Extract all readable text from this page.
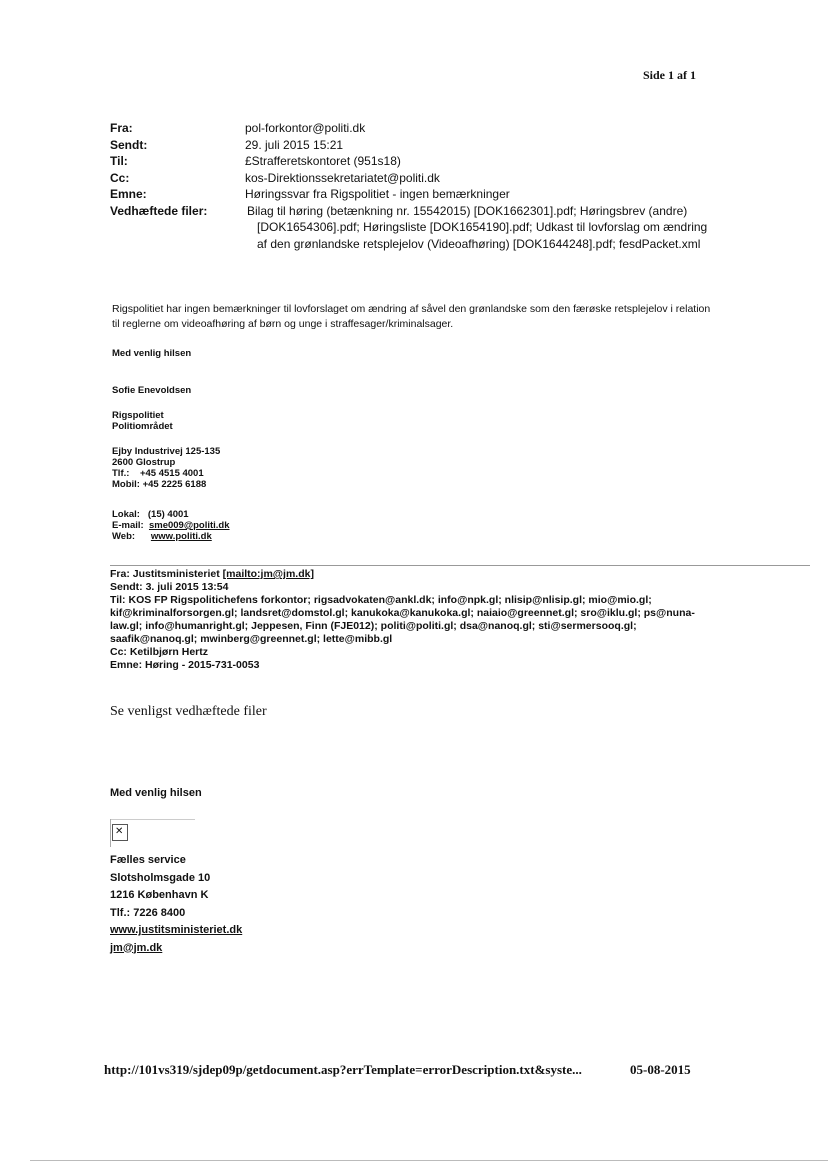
Side 1 af 1
Fra:	pol-forkontor@politi.dk
Sendt:	29. juli 2015 15:21
Til:	£Strafferetskontoret (951s18)
Cc:	kos-Direktionssekretariatet@politi.dk
Emne:	Høringssvar fra Rigspolitiet - ingen bemærkninger
Vedhæftede filer:	Bilag til høring (betænkning nr. 15542015) [DOK1662301].pdf; Høringsbrev (andre) [DOK1654306].pdf; Høringsliste [DOK1654190].pdf; Udkast til lovforslag om ændring af den grønlandske retsplejelov (Videoafhøring) [DOK1644248].pdf; fesdPacket.xml
Rigspolitiet har ingen bemærkninger til lovforslaget om ændring af såvel den grønlandske som den færøske retsplejelov i relation til reglerne om videoafhøring af børn og unge i straffesager/kriminalsager.
Med venlig hilsen
Sofie Enevoldsen
Rigspolitiet
Politiområdet
Ejby Industrivej 125-135
2600 Glostrup
Tlf.:    +45 4515 4001
Mobil: +45 2225 6188
Lokal:   (15) 4001
E-mail: sme009@politi.dk
Web: www.politi.dk

Fra: Justitsministeriet [mailto:jm@jm.dk]

Sendt: 3. juli 2015 13:54

Til: KOS FP Rigspolitichefens forkontor; rigsadvokaten@ankl.dk; info@npk.gl; nlisip@nlisip.gl; mio@mio.gl; kif@kriminalforsorgen.gl; landsret@domstol.gl; kanukoka@kanukoka.gl; naiaio@greennet.gl; sro@iklu.gl; ps@nuna-law.gl; info@humanright.gl; Jeppesen, Finn (FJE012); politi@politi.gl; dsa@nanoq.gl; sti@sermersooq.gl; saafik@nanoq.gl; mwinberg@greennet.gl; lette@mibb.gl

Cc: Ketilbjørn Hertz

Emne: Høring - 2015-731-0053

Se venligst vedhæftede filer
Med venlig hilsen
✕
Fælles service
Slotsholmsgade 10
1216 København K
Tlf.: 7226 8400
www.justitsministeriet.dk
jm@jm.dk
http://101vs319/sjdep09p/getdocument.asp?errTemplate=errorDescription.txt&syste...	05-08-2015
